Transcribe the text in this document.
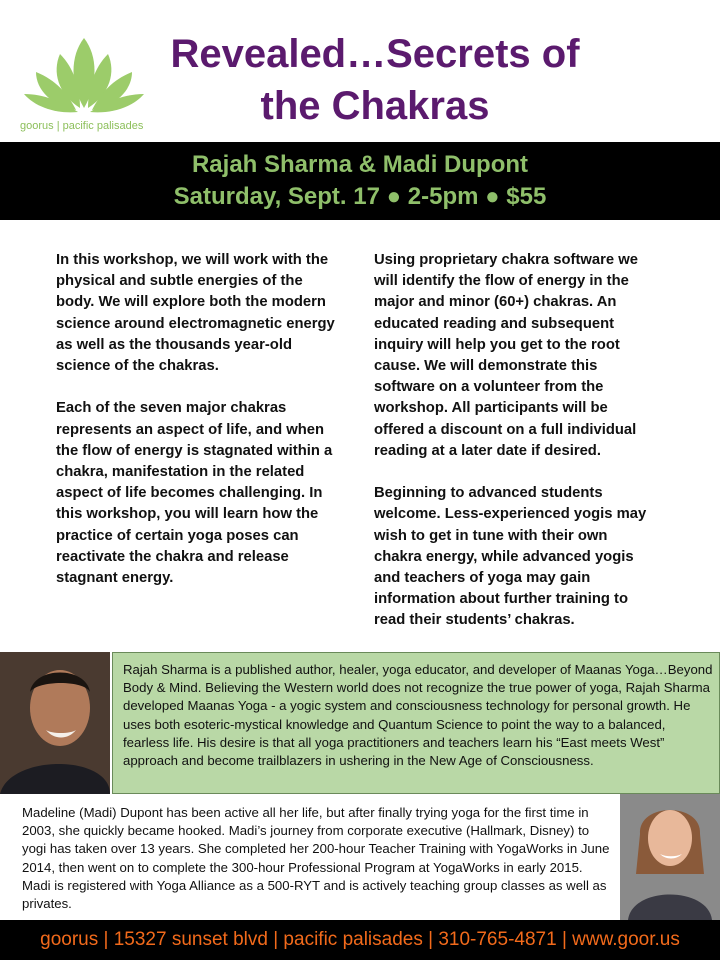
goorus | pacific palisades
Revealed…Secrets of
the Chakras
Rajah Sharma & Madi Dupont
Saturday, Sept. 17 ● 2-5pm ● $55

In this workshop, we will work with the physical and subtle energies of the body. We will explore both the modern science around electromagnetic energy as well as the thousands year-old science of the chakras.

Each of the seven major chakras represents an aspect of life, and when the flow of energy is stagnated within a chakra, manifestation in the related aspect of life becomes challenging. In this workshop, you will learn how the practice of certain yoga poses can reactivate the chakra and release stagnant energy.

Using proprietary chakra software we will identify the flow of energy in the major and minor (60+) chakras. An educated reading and subsequent inquiry will help you get to the root cause. We will demonstrate this software on a volunteer from the workshop. All participants will be offered a discount on a full individual reading at a later date if desired.

Beginning to advanced students welcome. Less-experienced yogis may wish to get in tune with their own chakra energy, while advanced yogis and teachers of yoga may gain information about further training to read their students’ chakras.

Rajah Sharma is a published author, healer, yoga educator, and developer of Maanas Yoga…Beyond Body & Mind. Believing the Western world does not recognize the true power of yoga, Rajah Sharma developed Maanas Yoga - a yogic system and consciousness technology for personal growth. He uses both esoteric-mystical knowledge and Quantum Science to point the way to a balanced, fearless life. His desire is that all yoga practitioners and teachers learn his “East meets West” approach and become trailblazers in ushering in the New Age of Consciousness.
Madeline (Madi) Dupont has been active all her life, but after finally trying yoga for the first time in 2003, she quickly became hooked. Madi’s journey from corporate executive (Hallmark, Disney) to yogi has taken over 13 years. She completed her 200-hour Teacher Training with YogaWorks in June 2014, then went on to complete the 300-hour Professional Program at YogaWorks in early 2015. Madi is registered with Yoga Alliance as a 500-RYT and is actively teaching group classes as well as privates.
goorus | 15327 sunset blvd | pacific palisades | 310-765-4871 | www.goor.us
